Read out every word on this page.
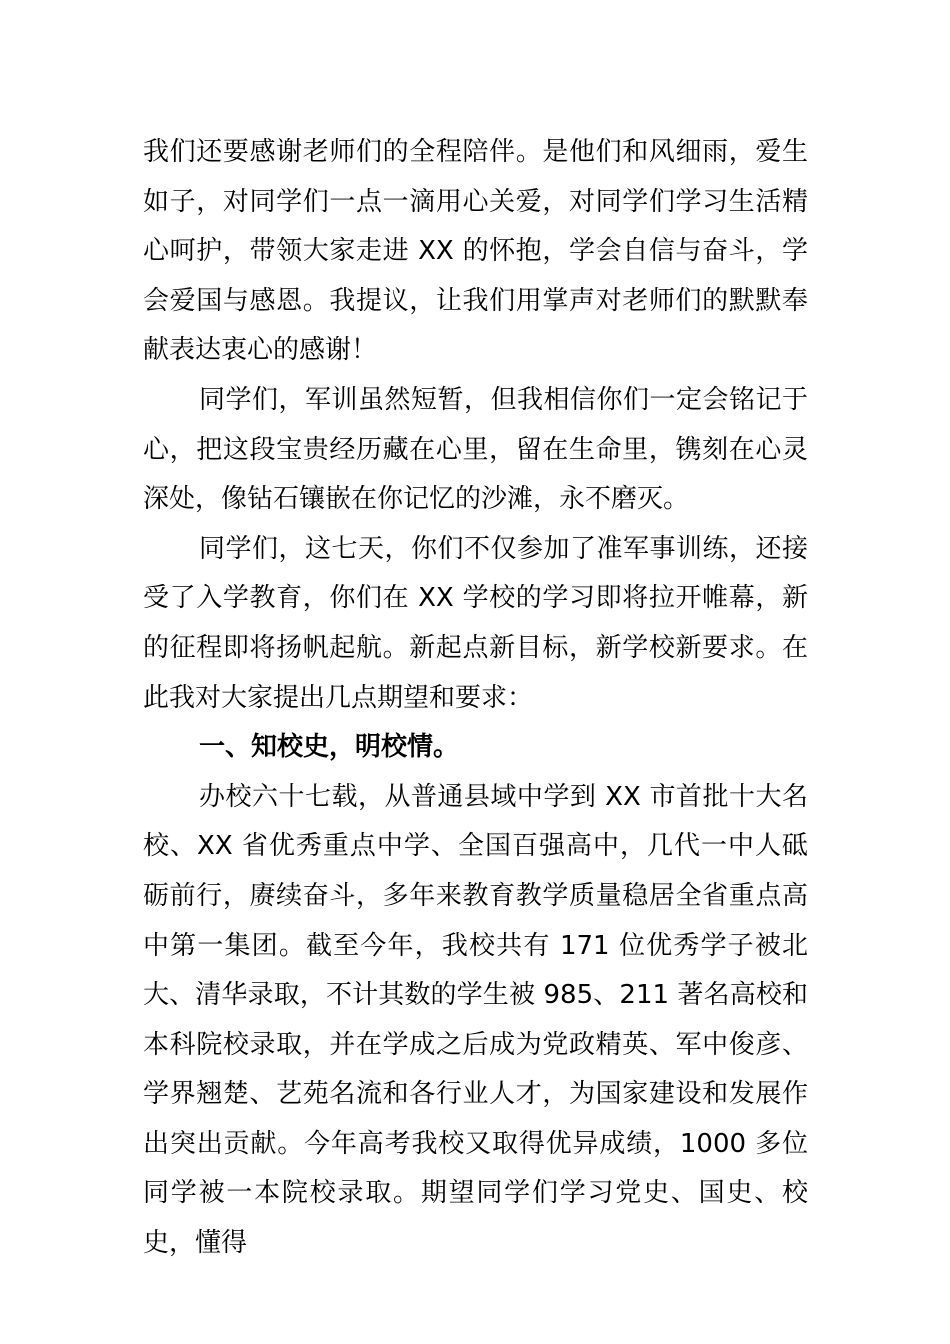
我们还要感谢老师们的全程陪伴。是他们和风细雨，爱生如子，对同学们一点一滴用心关爱，对同学们学习生活精心呵护，带领大家走进 XX 的怀抱，学会自信与奋斗，学会爱国与感恩。我提议，让我们用掌声对老师们的默默奉献表达衷心的感谢！

同学们，军训虽然短暂，但我相信你们一定会铭记于心，把这段宝贵经历藏在心里，留在生命里，镌刻在心灵深处，像钻石镶嵌在你记忆的沙滩，永不磨灭。

同学们，这七天，你们不仅参加了准军事训练，还接受了入学教育，你们在 XX 学校的学习即将拉开帷幕，新的征程即将扬帆起航。新起点新目标，新学校新要求。在此我对大家提出几点期望和要求：

一、知校史，明校情。

办校六十七载，从普通县域中学到 XX 市首批十大名校、XX 省优秀重点中学、全国百强高中，几代一中人砥砺前行，赓续奋斗，多年来教育教学质量稳居全省重点高中第一集团。截至今年，我校共有 171 位优秀学子被北大、清华录取，不计其数的学生被 985、211 著名高校和本科院校录取，并在学成之后成为党政精英、军中俊彦、学界翘楚、艺苑名流和各行业人才，为国家建设和发展作出突出贡献。今年高考我校又取得优异成绩，1000 多位同学被一本院校录取。期望同学们学习党史、国史、校史，懂得
